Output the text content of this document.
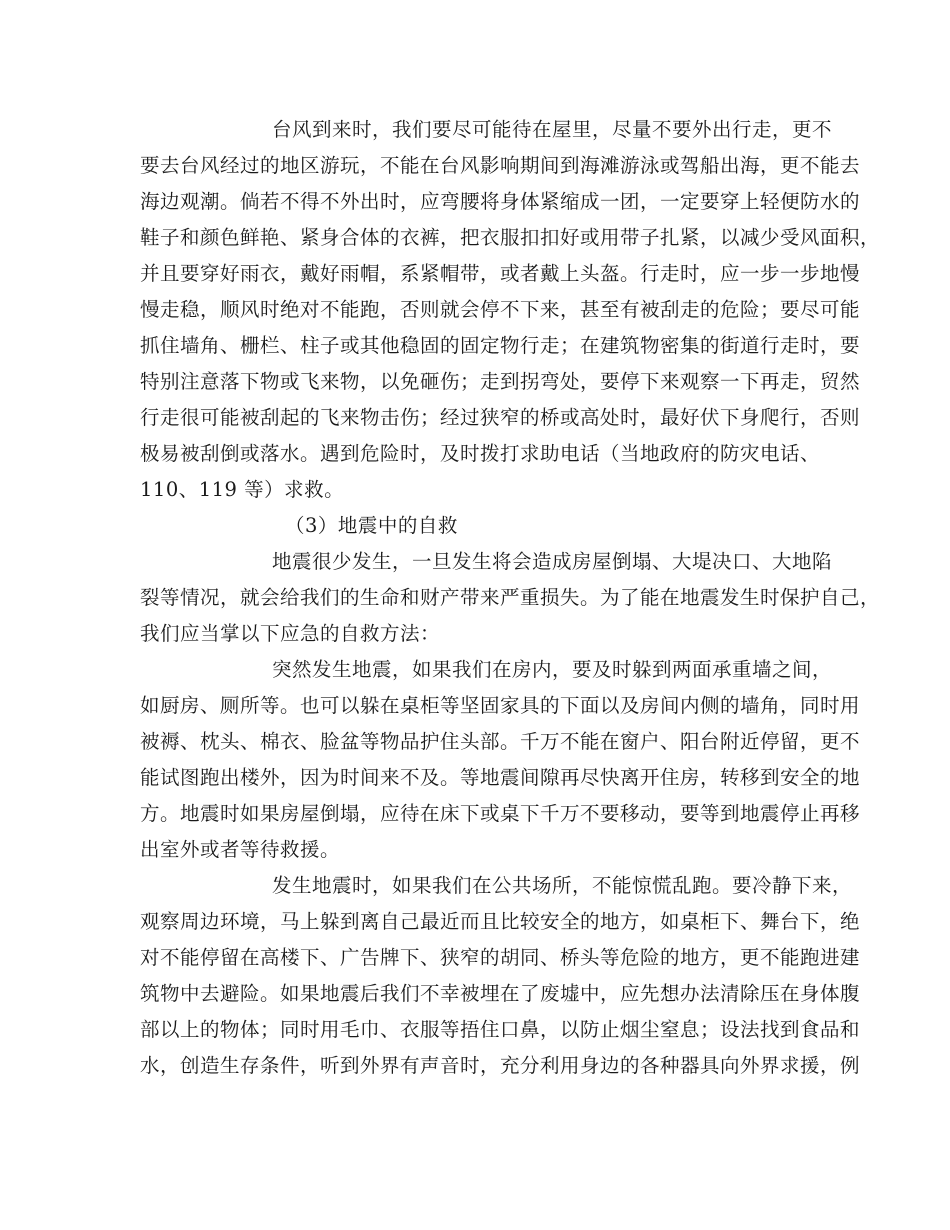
台风到来时，我们要尽可能待在屋里，尽量不要外出行走，更不
要去台风经过的地区游玩，不能在台风影响期间到海滩游泳或驾船出海，更不能去
海边观潮。倘若不得不外出时，应弯腰将身体紧缩成一团，一定要穿上轻便防水的
鞋子和颜色鲜艳、紧身合体的衣裤，把衣服扣扣好或用带子扎紧，以减少受风面积，
并且要穿好雨衣，戴好雨帽，系紧帽带，或者戴上头盔。行走时，应一步一步地慢
慢走稳，顺风时绝对不能跑，否则就会停不下来，甚至有被刮走的危险；要尽可能
抓住墙角、栅栏、柱子或其他稳固的固定物行走；在建筑物密集的街道行走时，要
特别注意落下物或飞来物，以免砸伤；走到拐弯处，要停下来观察一下再走，贸然
行走很可能被刮起的飞来物击伤；经过狭窄的桥或高处时，最好伏下身爬行，否则
极易被刮倒或落水。遇到危险时，及时拨打求助电话（当地政府的防灾电话、
110、119 等）求救。
（3）地震中的自救
地震很少发生，一旦发生将会造成房屋倒塌、大堤决口、大地陷
裂等情况，就会给我们的生命和财产带来严重损失。为了能在地震发生时保护自己，
我们应当掌以下应急的自救方法：
突然发生地震，如果我们在房内，要及时躲到两面承重墙之间，
如厨房、厕所等。也可以躲在桌柜等坚固家具的下面以及房间内侧的墙角，同时用
被褥、枕头、棉衣、脸盆等物品护住头部。千万不能在窗户、阳台附近停留，更不
能试图跑出楼外，因为时间来不及。等地震间隙再尽快离开住房，转移到安全的地
方。地震时如果房屋倒塌，应待在床下或桌下千万不要移动，要等到地震停止再移
出室外或者等待救援。
发生地震时，如果我们在公共场所，不能惊慌乱跑。要冷静下来，
观察周边环境，马上躲到离自己最近而且比较安全的地方，如桌柜下、舞台下，绝
对不能停留在高楼下、广告牌下、狭窄的胡同、桥头等危险的地方，更不能跑进建
筑物中去避险。如果地震后我们不幸被埋在了废墟中，应先想办法清除压在身体腹
部以上的物体；同时用毛巾、衣服等捂住口鼻，以防止烟尘窒息；设法找到食品和
水，创造生存条件，听到外界有声音时，充分利用身边的各种器具向外界求援，例
